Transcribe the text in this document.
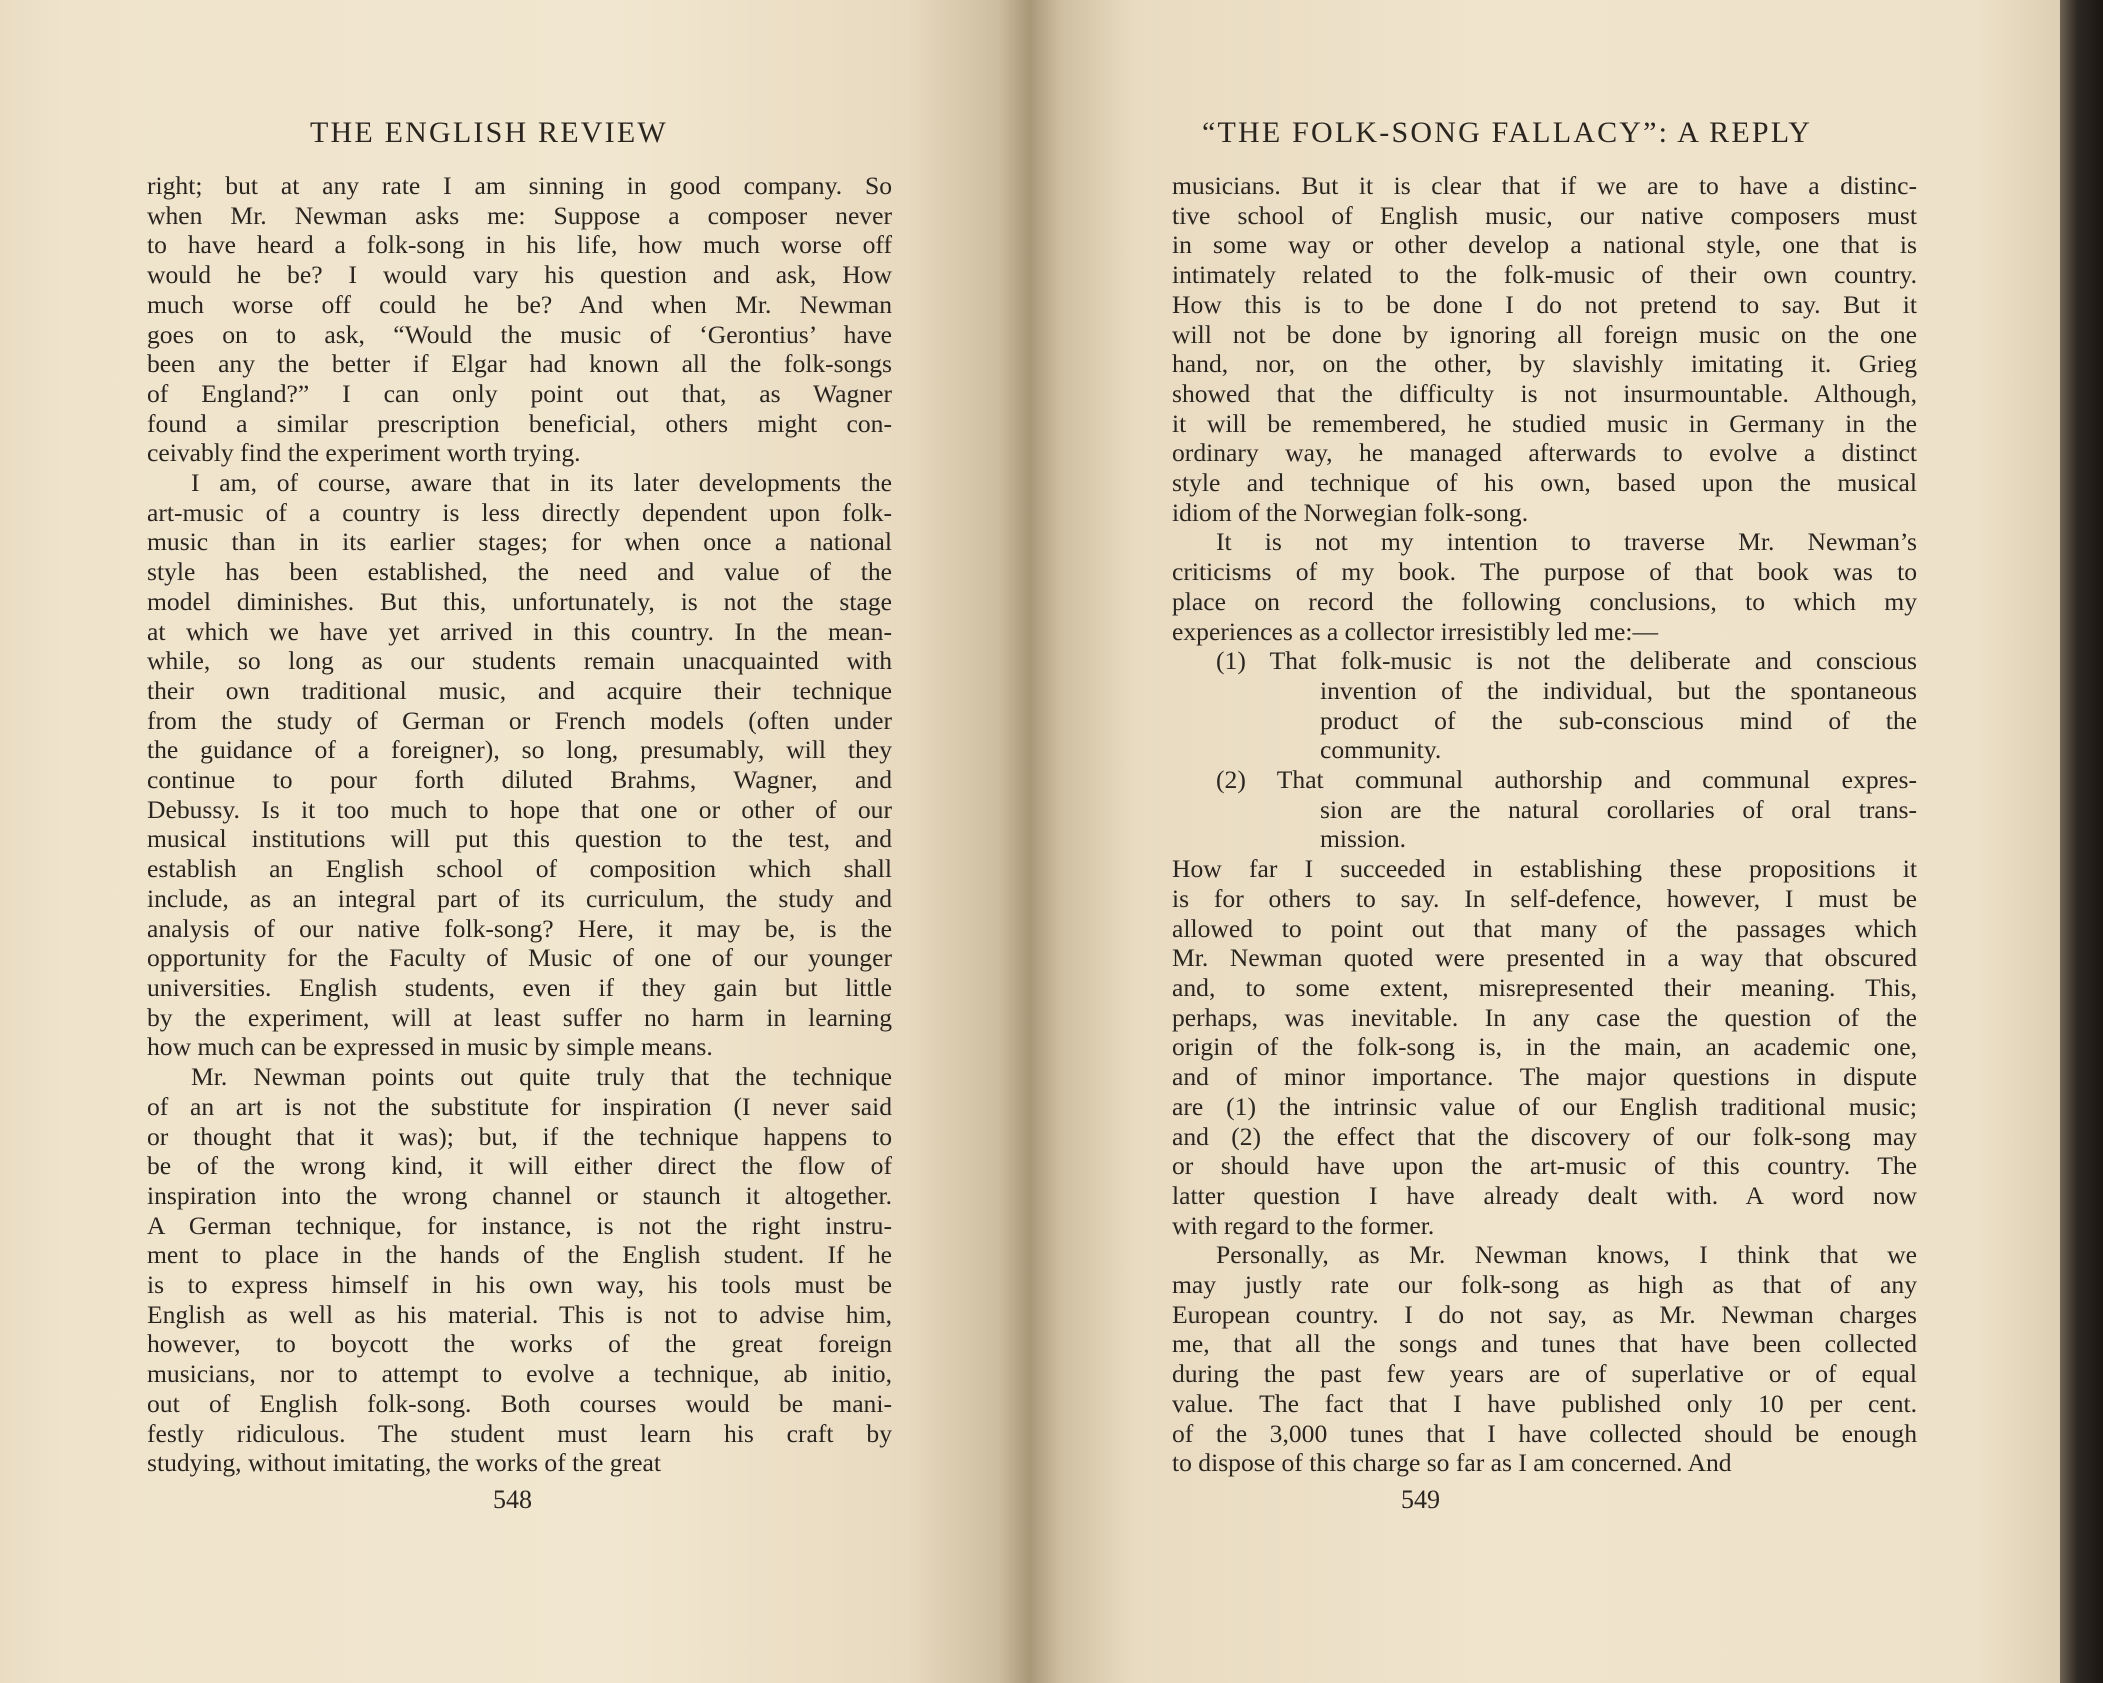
THE ENGLISH REVIEW
right; but at any rate I am sinning in good company. So
when Mr. Newman asks me: Suppose a composer never
to have heard a folk-song in his life, how much worse off
would he be? I would vary his question and ask, How
much worse off could he be? And when Mr. Newman
goes on to ask, “Would the music of ‘Gerontius’ have
been any the better if Elgar had known all the folk-songs
of England?” I can only point out that, as Wagner
found a similar prescription beneficial, others might con-
ceivably find the experiment worth trying.
I am, of course, aware that in its later developments the
art-music of a country is less directly dependent upon folk-
music than in its earlier stages; for when once a national
style has been established, the need and value of the
model diminishes. But this, unfortunately, is not the stage
at which we have yet arrived in this country. In the mean-
while, so long as our students remain unacquainted with
their own traditional music, and acquire their technique
from the study of German or French models (often under
the guidance of a foreigner), so long, presumably, will they
continue to pour forth diluted Brahms, Wagner, and
Debussy. Is it too much to hope that one or other of our
musical institutions will put this question to the test, and
establish an English school of composition which shall
include, as an integral part of its curriculum, the study and
analysis of our native folk-song? Here, it may be, is the
opportunity for the Faculty of Music of one of our younger
universities. English students, even if they gain but little
by the experiment, will at least suffer no harm in learning
how much can be expressed in music by simple means.
Mr. Newman points out quite truly that the technique
of an art is not the substitute for inspiration (I never said
or thought that it was); but, if the technique happens to
be of the wrong kind, it will either direct the flow of
inspiration into the wrong channel or staunch it altogether.
A German technique, for instance, is not the right instru-
ment to place in the hands of the English student. If he
is to express himself in his own way, his tools must be
English as well as his material. This is not to advise him,
however, to boycott the works of the great foreign
musicians, nor to attempt to evolve a technique, ab initio,
out of English folk-song. Both courses would be mani-
festly ridiculous. The student must learn his craft by
studying, without imitating, the works of the great
548
“THE FOLK-SONG FALLACY”: A REPLY
musicians. But it is clear that if we are to have a distinc-
tive school of English music, our native composers must
in some way or other develop a national style, one that is
intimately related to the folk-music of their own country.
How this is to be done I do not pretend to say. But it
will not be done by ignoring all foreign music on the one
hand, nor, on the other, by slavishly imitating it. Grieg
showed that the difficulty is not insurmountable. Although,
it will be remembered, he studied music in Germany in the
ordinary way, he managed afterwards to evolve a distinct
style and technique of his own, based upon the musical
idiom of the Norwegian folk-song.
It is not my intention to traverse Mr. Newman’s
criticisms of my book. The purpose of that book was to
place on record the following conclusions, to which my
experiences as a collector irresistibly led me:—
(1) That folk-music is not the deliberate and conscious
invention of the individual, but the spontaneous
product of the sub-conscious mind of the
community.
(2) That communal authorship and communal expres-
sion are the natural corollaries of oral trans-
mission.
How far I succeeded in establishing these propositions it
is for others to say. In self-defence, however, I must be
allowed to point out that many of the passages which
Mr. Newman quoted were presented in a way that obscured
and, to some extent, misrepresented their meaning. This,
perhaps, was inevitable. In any case the question of the
origin of the folk-song is, in the main, an academic one,
and of minor importance. The major questions in dispute
are (1) the intrinsic value of our English traditional music;
and (2) the effect that the discovery of our folk-song may
or should have upon the art-music of this country. The
latter question I have already dealt with. A word now
with regard to the former.
Personally, as Mr. Newman knows, I think that we
may justly rate our folk-song as high as that of any
European country. I do not say, as Mr. Newman charges
me, that all the songs and tunes that have been collected
during the past few years are of superlative or of equal
value. The fact that I have published only 10 per cent.
of the 3,000 tunes that I have collected should be enough
to dispose of this charge so far as I am concerned. And
549
